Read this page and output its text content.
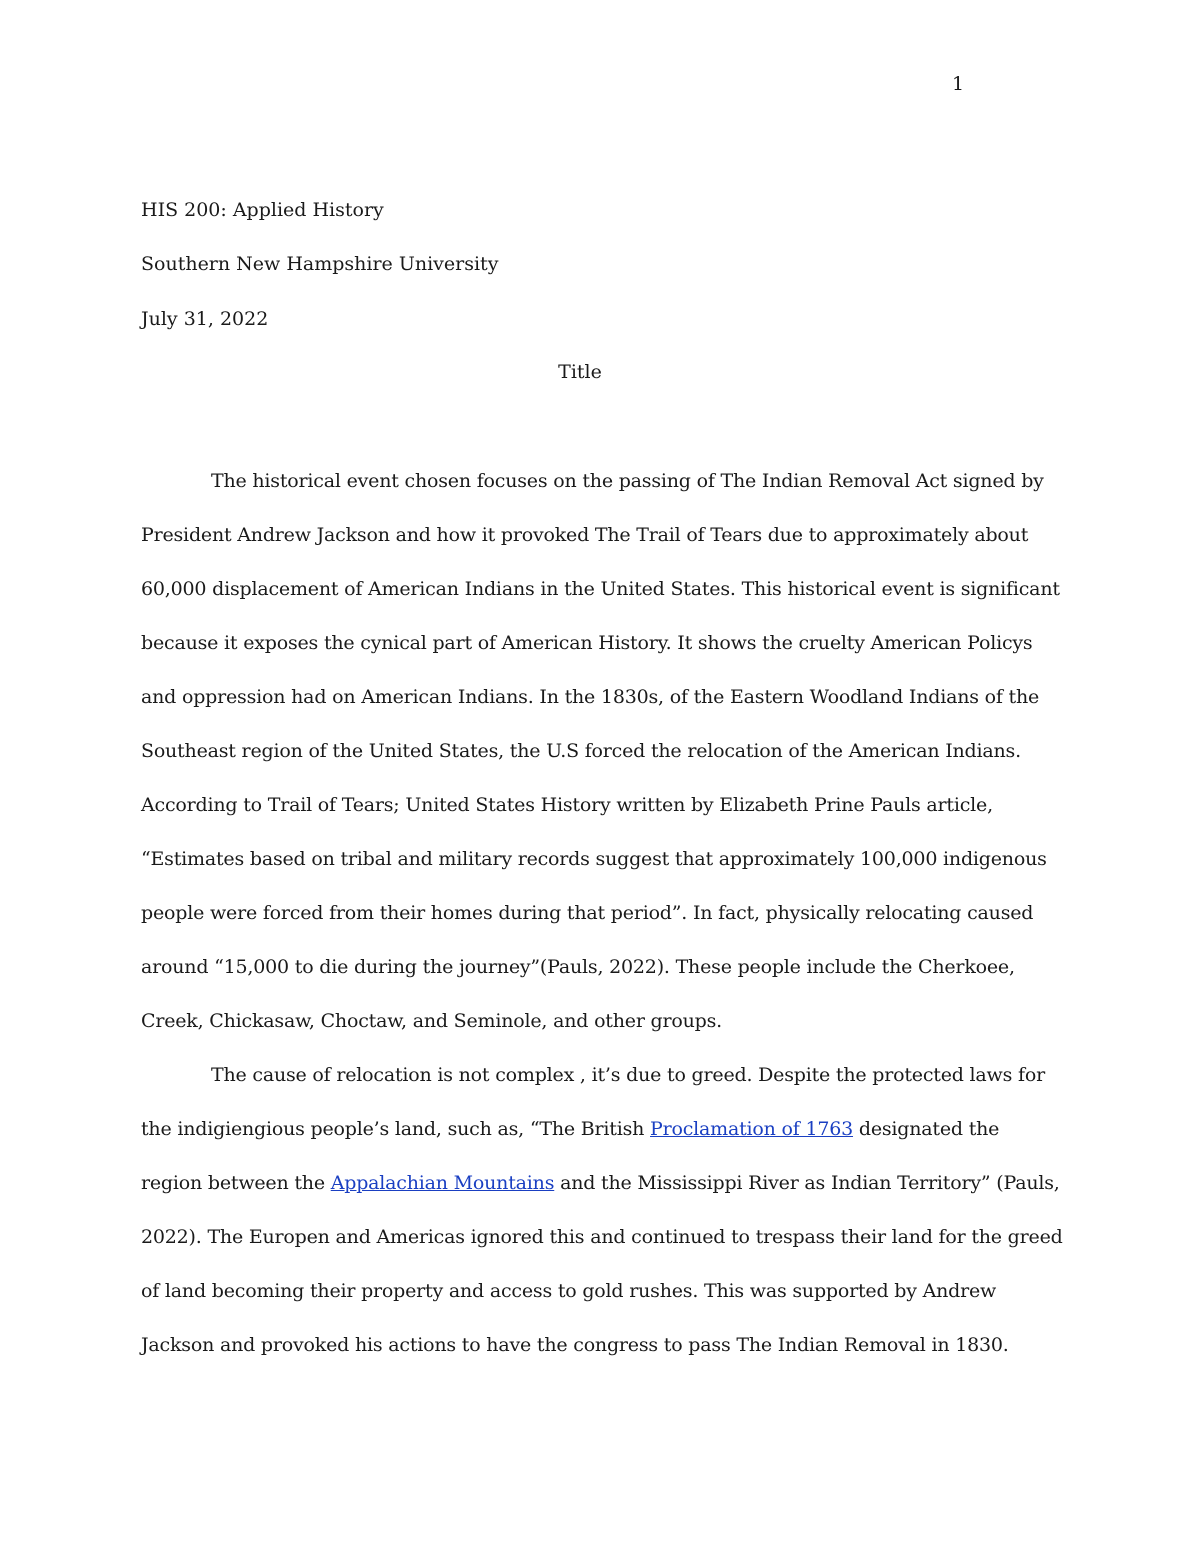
1
HIS 200: Applied History
Southern New Hampshire University
July 31, 2022
Title
The historical event chosen focuses on the passing of The Indian Removal Act signed by
President Andrew Jackson and how it provoked The Trail of Tears due to approximately about
60,000 displacement of American Indians in the United States. This historical event is significant
because it exposes the cynical part of American History. It shows the cruelty American Policys
and oppression had on American Indians. In the 1830s, of the Eastern Woodland Indians of the
Southeast region of the United States, the U.S forced the relocation of the American Indians.
According to Trail of Tears; United States History written by Elizabeth Prine Pauls article,
“Estimates based on tribal and military records suggest that approximately 100,000 indigenous
people were forced from their homes during that period”. In fact, physically relocating caused
around “15,000 to die during the journey”(Pauls, 2022). These people include the Cherkoee,
Creek, Chickasaw, Choctaw, and Seminole, and other groups.
The cause of relocation is not complex , it’s due to greed. Despite the protected laws for
the indigiengious people’s land, such as, “The British Proclamation of 1763 designated the
region between the Appalachian Mountains and the Mississippi River as Indian Territory” (Pauls,
2022). The Europen and Americas ignored this and continued to trespass their land for the greed
of land becoming their property and access to gold rushes. This was supported by Andrew
Jackson and provoked his actions to have the congress to pass The Indian Removal in 1830.
